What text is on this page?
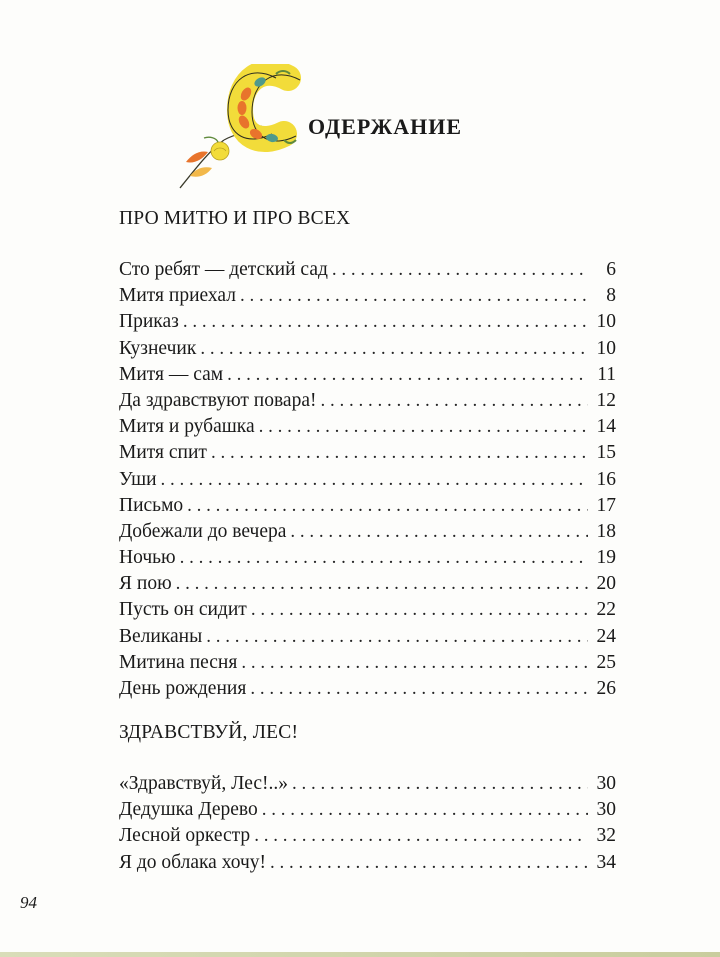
ОДЕРЖАНИЕ
ПРО МИТЮ И ПРО ВСЕХ
Сто ребят — детский сад . . .	6
Митя приехал . . .	8
Приказ . . .	10
Кузнечик . . .	10
Митя — сам . . .	11
Да здравствуют повара! . . .	12
Митя и рубашка . . .	14
Митя спит . . .	15
Уши . . .	16
Письмо . . .	17
Добежали до вечера . . .	18
Ночью . . .	19
Я пою . . .	20
Пусть он сидит . . .	22
Великаны . . .	24
Митина песня . . .	25
День рождения . . .	26
ЗДРАВСТВУЙ, ЛЕС!
«Здравствуй, Лес!..» . . .	30
Дедушка Дерево . . .	30
Лесной оркестр . . .	32
Я до облака хочу! . . .	34
94
